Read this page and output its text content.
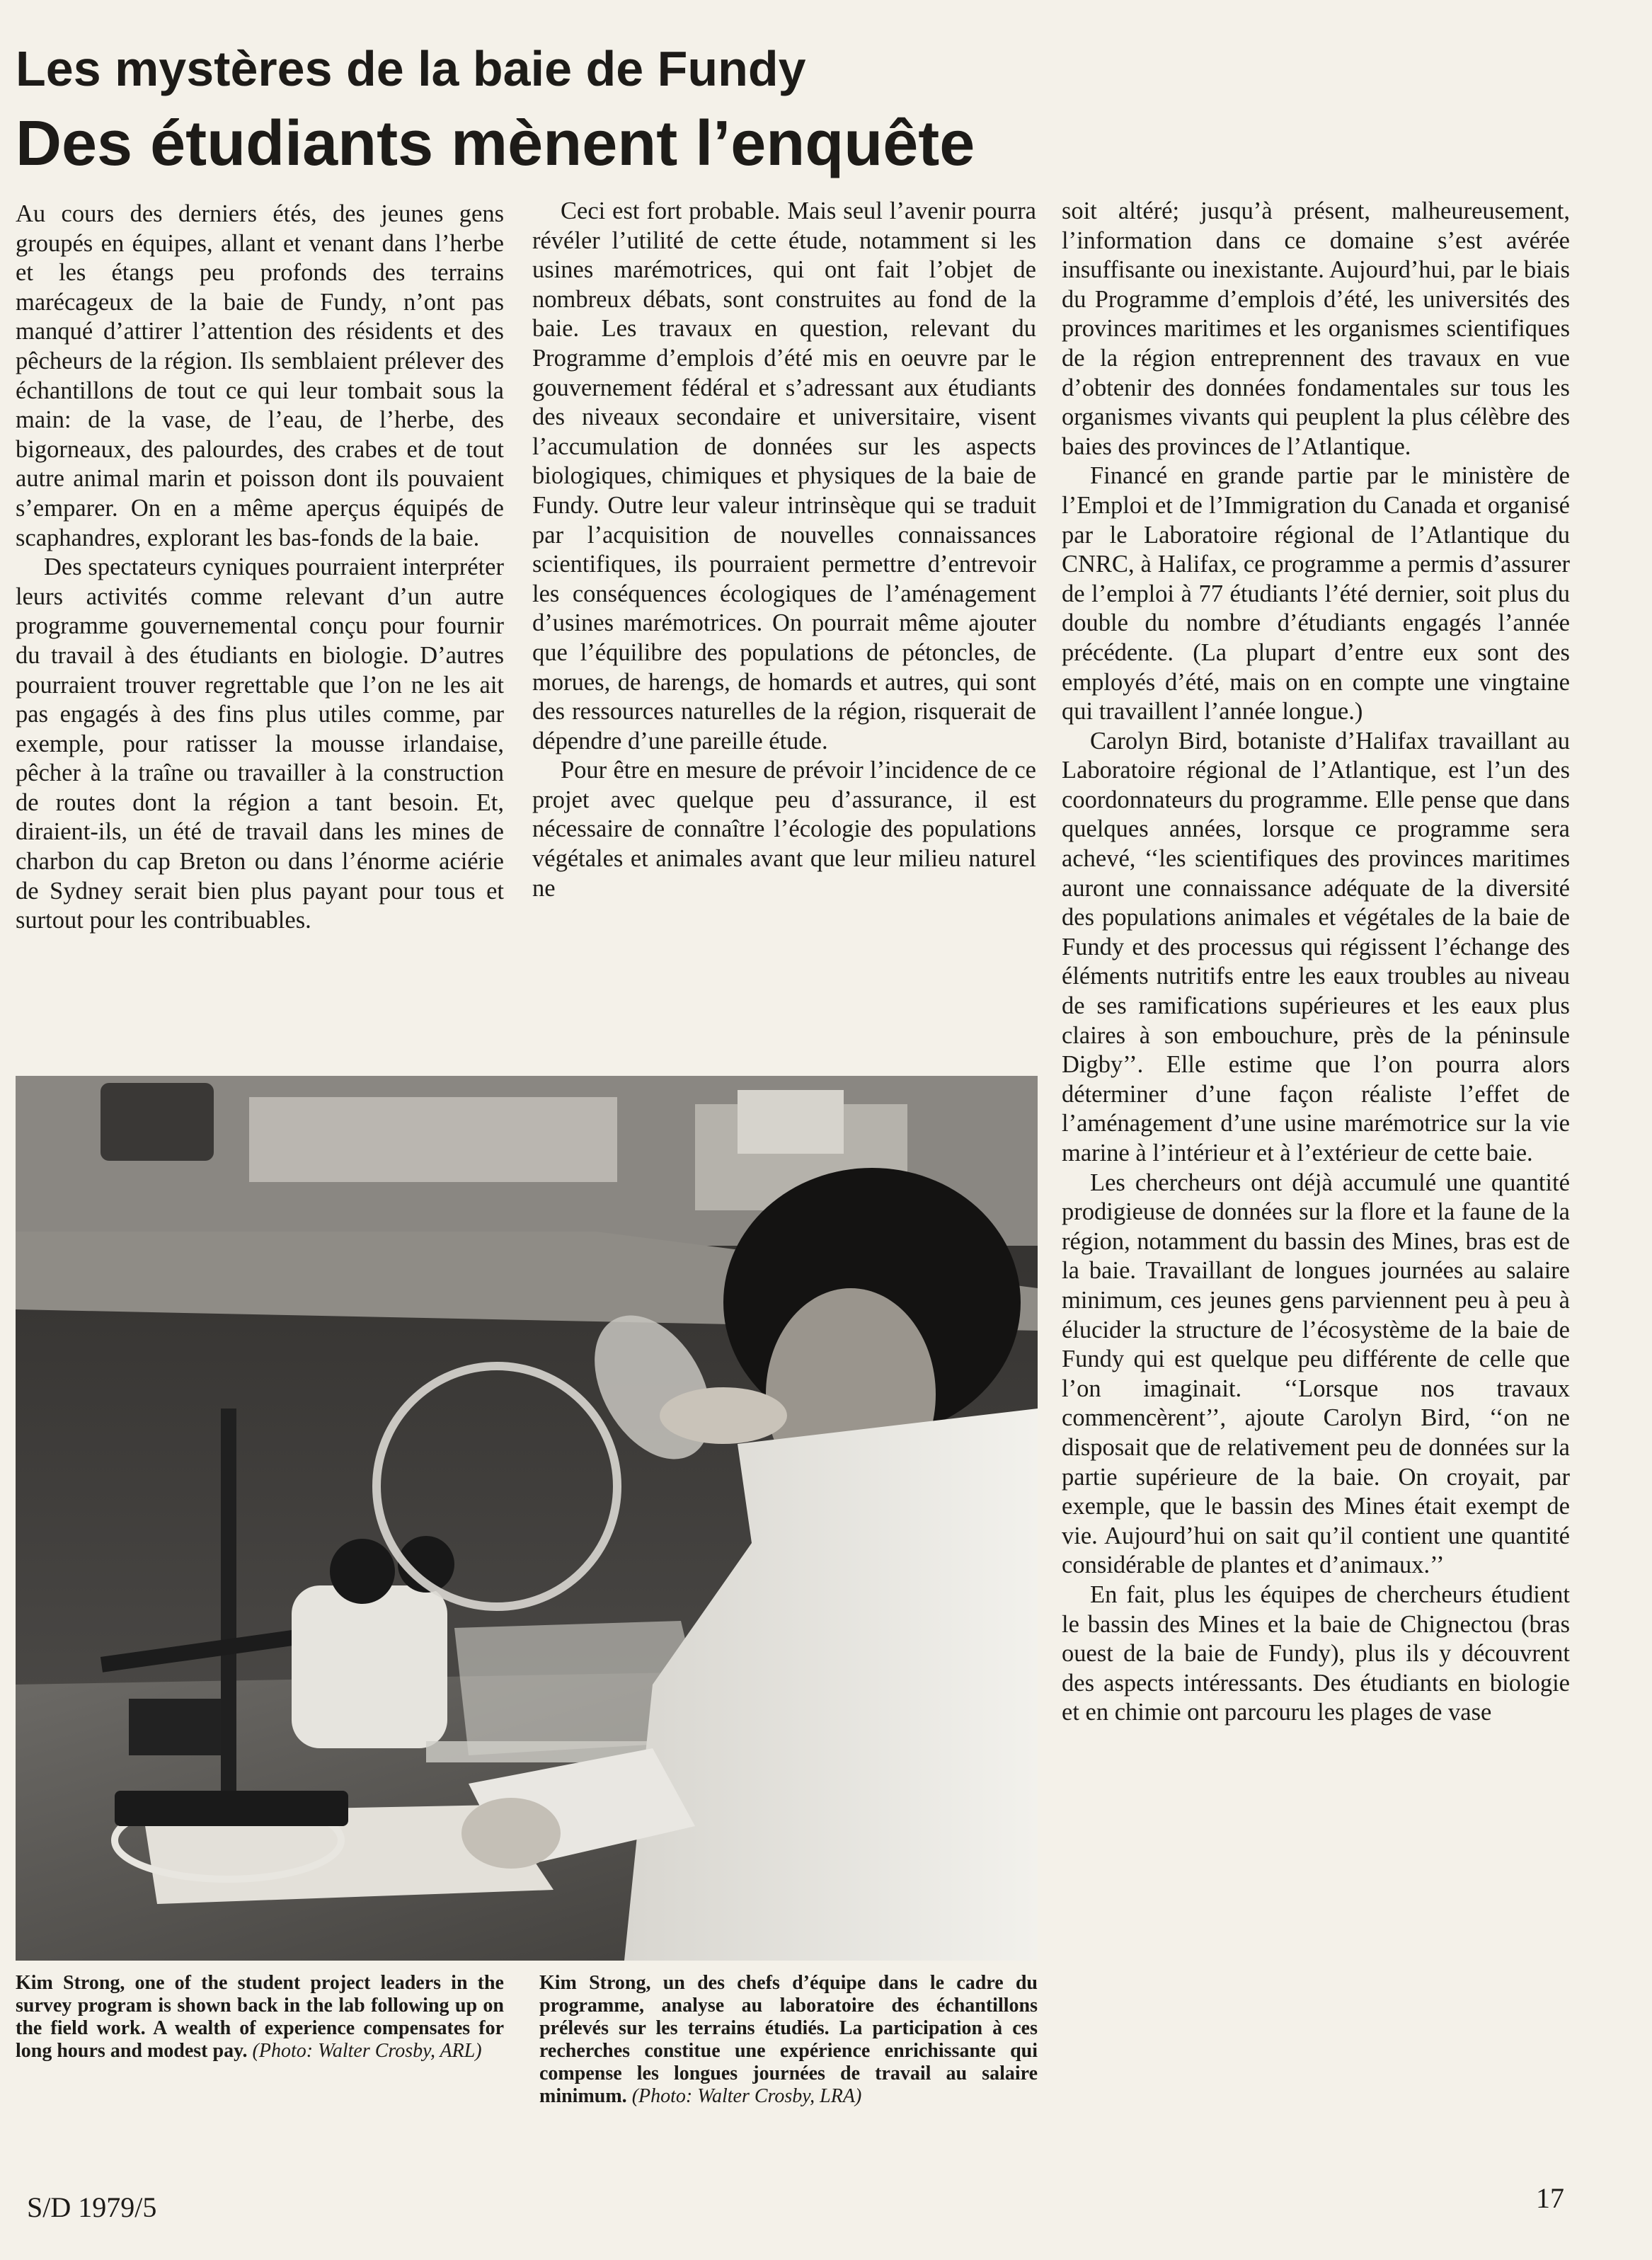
Les mystères de la baie de Fundy
Des étudiants mènent l’enquête

Au cours des derniers étés, des jeunes gens groupés en équipes, allant et venant dans l’herbe et les étangs peu profonds des terrains marécageux de la baie de Fundy, n’ont pas manqué d’attirer l’attention des résidents et des pêcheurs de la région. Ils semblaient prélever des échantillons de tout ce qui leur tombait sous la main: de la vase, de l’eau, de l’herbe, des bigorneaux, des palourdes, des crabes et de tout autre animal marin et poisson dont ils pouvaient s’emparer. On en a même aperçus équipés de scaphandres, explorant les bas-fonds de la baie.

Des spectateurs cyniques pourraient interpréter leurs activités comme relevant d’un autre programme gouvernemental conçu pour fournir du travail à des étudiants en biologie. D’autres pourraient trouver regrettable que l’on ne les ait pas engagés à des fins plus utiles comme, par exemple, pour ratisser la mousse irlandaise, pêcher à la traîne ou travailler à la construction de routes dont la région a tant besoin. Et, diraient-ils, un été de travail dans les mines de charbon du cap Breton ou dans l’énorme aciérie de Sydney serait bien plus payant pour tous et surtout pour les contribuables.

Ceci est fort probable. Mais seul l’avenir pourra révéler l’utilité de cette étude, notamment si les usines marémotrices, qui ont fait l’objet de nombreux débats, sont construites au fond de la baie. Les travaux en question, relevant du Programme d’emplois d’été mis en oeuvre par le gouvernement fédéral et s’adressant aux étudiants des niveaux secondaire et universitaire, visent l’accumulation de données sur les aspects biologiques, chimiques et physiques de la baie de Fundy. Outre leur valeur intrinsèque qui se traduit par l’acquisition de nouvelles connaissances scientifiques, ils pourraient permettre d’entrevoir les conséquences écologiques de l’aménagement d’usines marémotrices. On pourrait même ajouter que l’équilibre des populations de pétoncles, de morues, de harengs, de homards et autres, qui sont des ressources naturelles de la région, risquerait de dépendre d’une pareille étude.

Pour être en mesure de prévoir l’incidence de ce projet avec quelque peu d’assurance, il est nécessaire de connaître l’écologie des populations végétales et animales avant que leur milieu naturel ne

soit altéré; jusqu’à présent, malheureusement, l’information dans ce domaine s’est avérée insuffisante ou inexistante. Aujourd’hui, par le biais du Programme d’emplois d’été, les universités des provinces maritimes et les organismes scientifiques de la région entreprennent des travaux en vue d’obtenir des données fondamentales sur tous les organismes vivants qui peuplent la plus célèbre des baies des provinces de l’Atlantique.

Financé en grande partie par le ministère de l’Emploi et de l’Immigration du Canada et organisé par le Laboratoire régional de l’Atlantique du CNRC, à Halifax, ce programme a permis d’assurer de l’emploi à 77 étudiants l’été dernier, soit plus du double du nombre d’étudiants engagés l’année précédente. (La plupart d’entre eux sont des employés d’été, mais on en compte une vingtaine qui travaillent l’année longue.)

Carolyn Bird, botaniste d’Halifax travaillant au Laboratoire régional de l’Atlantique, est l’un des coordonnateurs du programme. Elle pense que dans quelques années, lorsque ce programme sera achevé, ‘‘les scientifiques des provinces maritimes auront une connaissance adéquate de la diversité des populations animales et végétales de la baie de Fundy et des processus qui régissent l’échange des éléments nutritifs entre les eaux troubles au niveau de ses ramifications supérieures et les eaux plus claires à son embouchure, près de la péninsule Digby’’. Elle estime que l’on pourra alors déterminer d’une façon réaliste l’effet de l’aménagement d’une usine marémotrice sur la vie marine à l’intérieur et à l’extérieur de cette baie.

Les chercheurs ont déjà accumulé une quantité prodigieuse de données sur la flore et la faune de la région, notamment du bassin des Mines, bras est de la baie. Travaillant de longues journées au salaire minimum, ces jeunes gens parviennent peu à peu à élucider la structure de l’écosystème de la baie de Fundy qui est quelque peu différente de celle que l’on imaginait. ‘‘Lorsque nos travaux commencèrent’’, ajoute Carolyn Bird, ‘‘on ne disposait que de relativement peu de données sur la partie supérieure de la baie. On croyait, par exemple, que le bassin des Mines était exempt de vie. Aujourd’hui on sait qu’il contient une quantité considérable de plantes et d’animaux.’’

En fait, plus les équipes de chercheurs étudient le bassin des Mines et la baie de Chignectou (bras ouest de la baie de Fundy), plus ils y découvrent des aspects intéressants. Des étudiants en biologie et en chimie ont parcouru les plages de vase

Kim Strong, one of the student project leaders in the survey program is shown back in the lab following up on the field work. A wealth of experience compensates for long hours and modest pay. (Photo: Walter Crosby, ARL)

Kim Strong, un des chefs d’équipe dans le cadre du programme, analyse au laboratoire des échantillons prélevés sur les terrains étudiés. La participation à ces recherches constitue une expérience enrichissante qui compense les longues journées de travail au salaire minimum. (Photo: Walter Crosby, LRA)

S/D 1979/5	17
